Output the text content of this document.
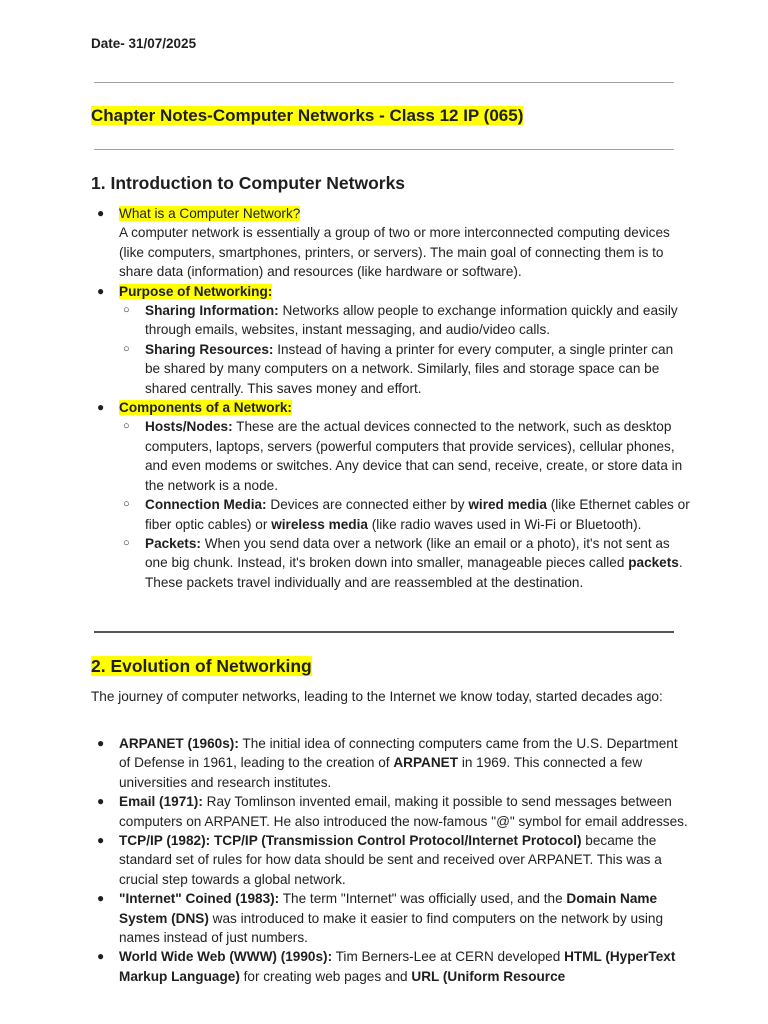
Date- 31/07/2025
Chapter Notes-Computer Networks - Class 12 IP (065)
1. Introduction to Computer Networks
● What is a Computer Network?
A computer network is essentially a group of two or more interconnected computing devices (like computers, smartphones, printers, or servers). The main goal of connecting them is to share data (information) and resources (like hardware or software).
● Purpose of Networking:
○ Sharing Information: Networks allow people to exchange information quickly and easily through emails, websites, instant messaging, and audio/video calls.
○ Sharing Resources: Instead of having a printer for every computer, a single printer can be shared by many computers on a network. Similarly, files and storage space can be shared centrally. This saves money and effort.
● Components of a Network:
○ Hosts/Nodes: These are the actual devices connected to the network, such as desktop computers, laptops, servers (powerful computers that provide services), cellular phones, and even modems or switches. Any device that can send, receive, create, or store data in the network is a node.
○ Connection Media: Devices are connected either by wired media (like Ethernet cables or fiber optic cables) or wireless media (like radio waves used in Wi-Fi or Bluetooth).
○ Packets: When you send data over a network (like an email or a photo), it's not sent as one big chunk. Instead, it's broken down into smaller, manageable pieces called packets. These packets travel individually and are reassembled at the destination.
2. Evolution of Networking

The journey of computer networks, leading to the Internet we know today, started decades ago:

● ARPANET (1960s): The initial idea of connecting computers came from the U.S. Department of Defense in 1961, leading to the creation of ARPANET in 1969. This connected a few universities and research institutes.
● Email (1971): Ray Tomlinson invented email, making it possible to send messages between computers on ARPANET. He also introduced the now-famous "@" symbol for email addresses.
● TCP/IP (1982): TCP/IP (Transmission Control Protocol/Internet Protocol) became the standard set of rules for how data should be sent and received over ARPANET. This was a crucial step towards a global network.
● "Internet" Coined (1983): The term "Internet" was officially used, and the Domain Name System (DNS) was introduced to make it easier to find computers on the network by using names instead of just numbers.
● World Wide Web (WWW) (1990s): Tim Berners-Lee at CERN developed HTML (HyperText Markup Language) for creating web pages and URL (Uniform Resource
